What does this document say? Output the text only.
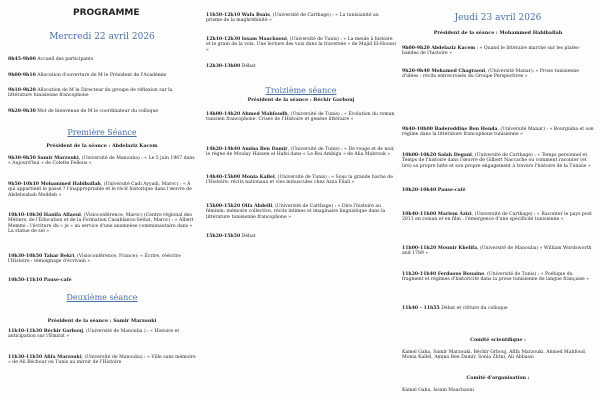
PROGRAMME
Mercredi 22 avril 2026
8h45-9h00 Accueil des participants
9h00-9h10 Allocution d'ouverture de M le Président de l'Académie
9h10-9h20 Allocation de M le Directeur du groupe de réflexion sur la littérature tunisienne francophone
9h20-9h30 Mot de bienvenue de M le coordinateur du colloque
Première Séance
Président de la séance : Abdelaziz Kacem
9h30-9h50 Samir Marzouki, (Université de Manouba) : « Le 5 juin 1967 dans « Aujourd'hui » de Colette Fellous »
9h50-10h10 Mohammed Habiballah, (Université Cadi Ayyadi, Maroc) : « À qui appartient le passé ? l'inappropriable et le récit historique dans l'œuvre de Abdelwahab Meddeb »
10h10-10h30 Hanifa Allaoui, (Visioconférence, Maroc) (Centre régional des Métiers, de l'Éducation et de la Formation Casablanca-Settat, Maroc) : « Albert Memmi : l'écriture du « je » au service d'une anamnèse communautaire dans « La statue de sel »
10h30-10h50 Tahar Bekri, (Visioconférence, France): « Écrire, réécrire l'Histoire : témoignage d'écrivain »
10h50-11h10 Pause-café
Deuxième séance
Président de la séance : Samir Marzouki
11h10-11h30 Béchir Garbouj, (Université de Manouba ) : « Histoire et anticipation sur l'Emirat »
11h30-11h50 Afifa Marzouki, (Université de Manouba) : « Ville sans mémoire » de Ali Béchour ou Tunis au miroir de l'Histoire
11h50-12h10 Wafa Bsaïs, (Université de Carthage) : « La tunisianité au prisme de la maghrébinité »
12h10-12h30 Issam Maachaoui, (Université de Tunis) : « La meule à histoire et le grain de la voix. Une lecture des voix dans la traversée » de Majid El-Houssi »
12h30-13h00 Débat
Troizième séance
Président de la séance : Béchir Garbouj
14h00-14h20 Ahmed Mahfoudh, (Université de Tunis) : « Évolution du roman tunisien francophone. Crises de l'Histoire et genèse littéraire »
14h20-14h40 Amina Ben Damir, (Université de Tunis) : « De rouge et de noir, le règne de Moulay Hassen el Hafsi dans « Le Roi Ambigu » de Alia Mabrouk »
14h40-15h00 Monia Kallel, (Université de Tunis) : « Sous la grande hache de l'Histoire: récits nationaux et vies minuscules chez Azza Filali »
15h00-15h20 Olfa Abdelli, (Université de Carthage) : « Dire l'histoire au féminin: mémoire collective, récits intimes et imaginaire linguistique dans la littérature tunisienne francophone »
15h20-15h50 Débat
Jeudi 23 avril 2026
Président de la séance : Mohammed Habiballah
9h00-9h20 Abdelaziz Kacem : « Quand le littéraire marche sur les plates-bandes de l'histoire »
9h20-9h40 Mohamed Chagraoui, (Université Manar): « Prose tunisienne d'idées : récits entrecroisés du Groupe Perspectives »
9h40-10h00 Badereddine Ben Henda, (Université Manar) : « Bourguiba et son régime dans la littérature francophone tunisienne »
10h00-10h20 Salah Degani, (Université de Carthage) : « Temps personnel et Temps de l'histoire dans l'œuvre de Gilbert Naccache ou comment raconter (et lire) sa propre lutte et son propre engagement à travers l'histoire de la Tunisie »
10h20-10h40 Pause-café
10h40-11h00 Mariem Azizi, (Université de Carthage) : « Raconter le pays post 2011 en roman et en film : l'émergence d'une spécificité tunisienne »
11h00-11h20 Mounir Khelifa, (Université de Manouba) « William Wordsworth and 1789 »
11h20-11h40 Ferdaous Bouaine, (Université de Tunis) : « Poétique du fragment et régimes d'historicité dans la prose tunisienne de langue française »
11h40 – 11h55 Débat et clôture du colloque
Comité scientifique :
Kamel Gaha, Samir Marzouki, Béchir Grbouj, Afifa Marzouki, Ahmed Mahfoud, Monia Kallel, Amina Ben Damir, Sonia Zlitni, Ali Abbassi
Comité d'organisation :
Kamel Gaha, Issam Maachaoui
